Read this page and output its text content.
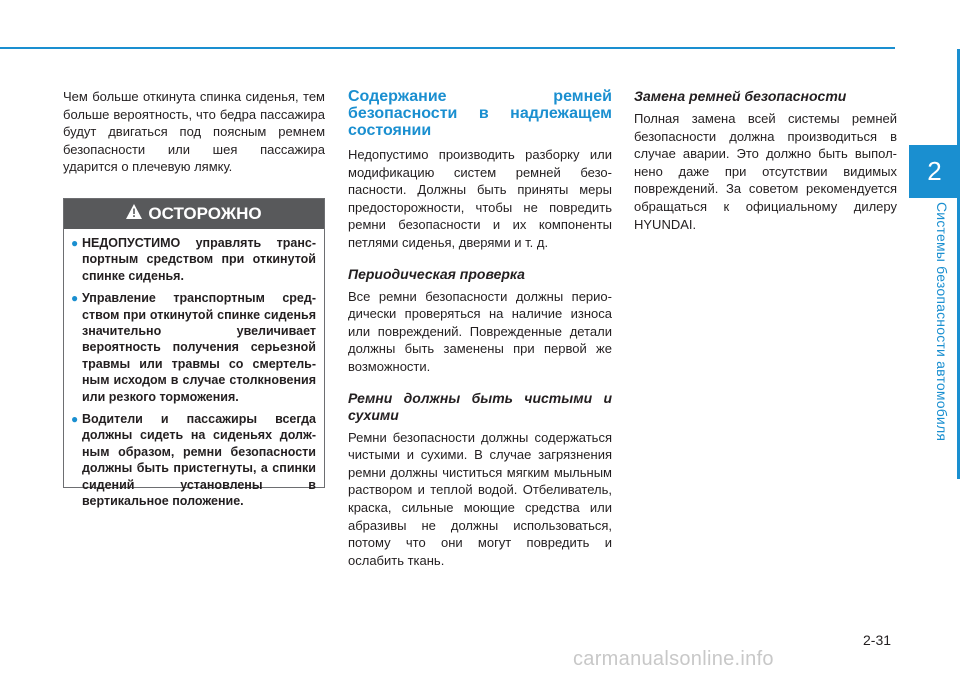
2
Системы безопасности автомобиля

Чем больше откинута спинка сиденья, тем больше вероятность, что бедра пассажира будут двигаться под поясным ремнем безопасности или шея пассажира ударится о плечевую лямку.

ОСТОРОЖНО
● НЕДОПУСТИМО управлять транспортным средством при откинутой спинке сиденья.
● Управление транспортным средством при откинутой спинке сиденья значительно увеличивает вероятность получения серьезной травмы или травмы со смертельным исходом в случае столкновения или резкого торможения.
● Водители и пассажиры всегда должны сидеть на сиденьях должным образом, ремни безопасности должны быть пристегнуты, а спинки сидений установлены в вертикальное положение.
Содержание ремней безопасности в надлежащем состоянии

Недопустимо производить разборку или модификацию систем ремней безопасности. Должны быть приняты меры предосторожности, чтобы не повредить ремни безопасности и их компоненты петлями сиденья, дверями и т. д.

Периодическая проверка

Все ремни безопасности должны периодически проверяться на наличие износа или повреждений. Поврежденные детали должны быть заменены при первой же возможности.

Ремни должны быть чистыми и сухими

Ремни безопасности должны содержаться чистыми и сухими. В случае загрязнения ремни должны чиститься мягким мыльным раствором и теплой водой. Отбеливатель, краска, сильные моющие средства или абразивы не должны использоваться, потому что они могут повредить и ослабить ткань.

Замена ремней безопасности

Полная замена всей системы ремней безопасности должна производиться в случае аварии. Это должно быть выполнено даже при отсутствии видимых повреждений. За советом рекомендуется обращаться к официальному дилеру HYUNDAI.

2-31
carmanualsonline.info
